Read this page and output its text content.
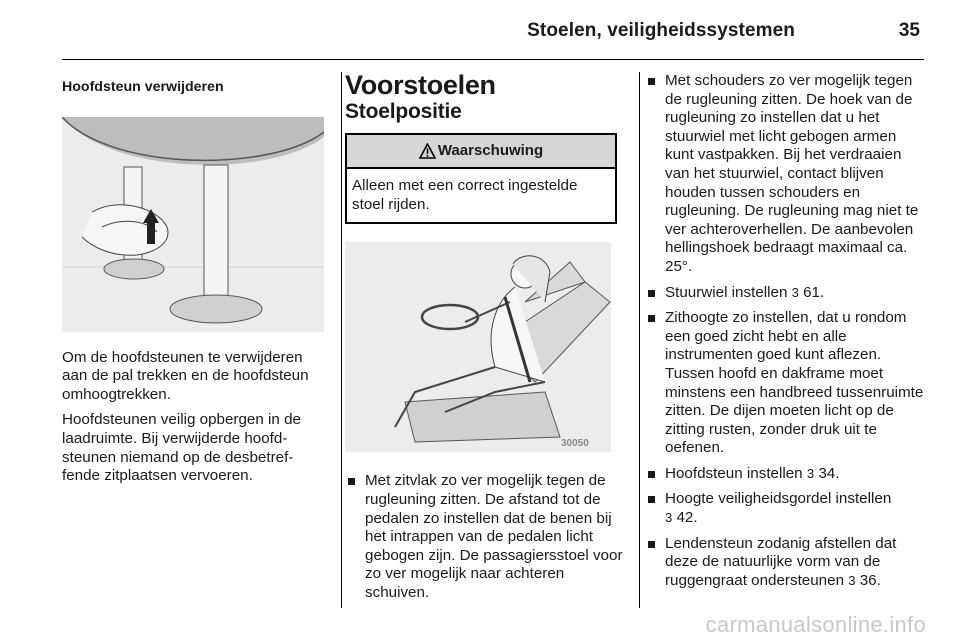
Stoelen, veiligheidssystemen	35
Hoofdsteun verwijderen

Om de hoofdsteunen te verwijderen aan de pal trekken en de hoofdsteun omhoogtrekken.

Hoofdsteunen veilig opbergen in de laadruimte. Bij verwijderde hoofdsteunen niemand op de desbetreffende zitplaatsen vervoeren.

Voorstoelen
Stoelpositie
Waarschuwing
Alleen met een correct ingestelde stoel rijden.
30050
Met zitvlak zo ver mogelijk tegen de rugleuning zitten. De afstand tot de pedalen zo instellen dat de benen bij het intrappen van de pedalen licht gebogen zijn. De passagiersstoel voor zo ver mogelijk naar achteren schuiven.
Met schouders zo ver mogelijk tegen de rugleuning zitten. De hoek van de rugleuning zo instellen dat u het stuurwiel met licht gebogen armen kunt vastpakken. Bij het verdraaien van het stuurwiel, contact blijven houden tussen schouders en rugleuning. De rugleuning mag niet te ver achteroverhellen. De aanbevolen hellingshoek bedraagt maximaal ca. 25°.
Stuurwiel instellen 3 61.
Zithoogte zo instellen, dat u rondom een goed zicht hebt en alle instrumenten goed kunt aflezen. Tussen hoofd en dakframe moet minstens een handbreed tussenruimte zitten. De dijen moeten licht op de zitting rusten, zonder druk uit te oefenen.
Hoofdsteun instellen 3 34.
Hoogte veiligheidsgordel instellen
3 42.
Lendensteun zodanig afstellen dat deze de natuurlijke vorm van de ruggengraat ondersteunen 3 36.
carmanualsonline.info
